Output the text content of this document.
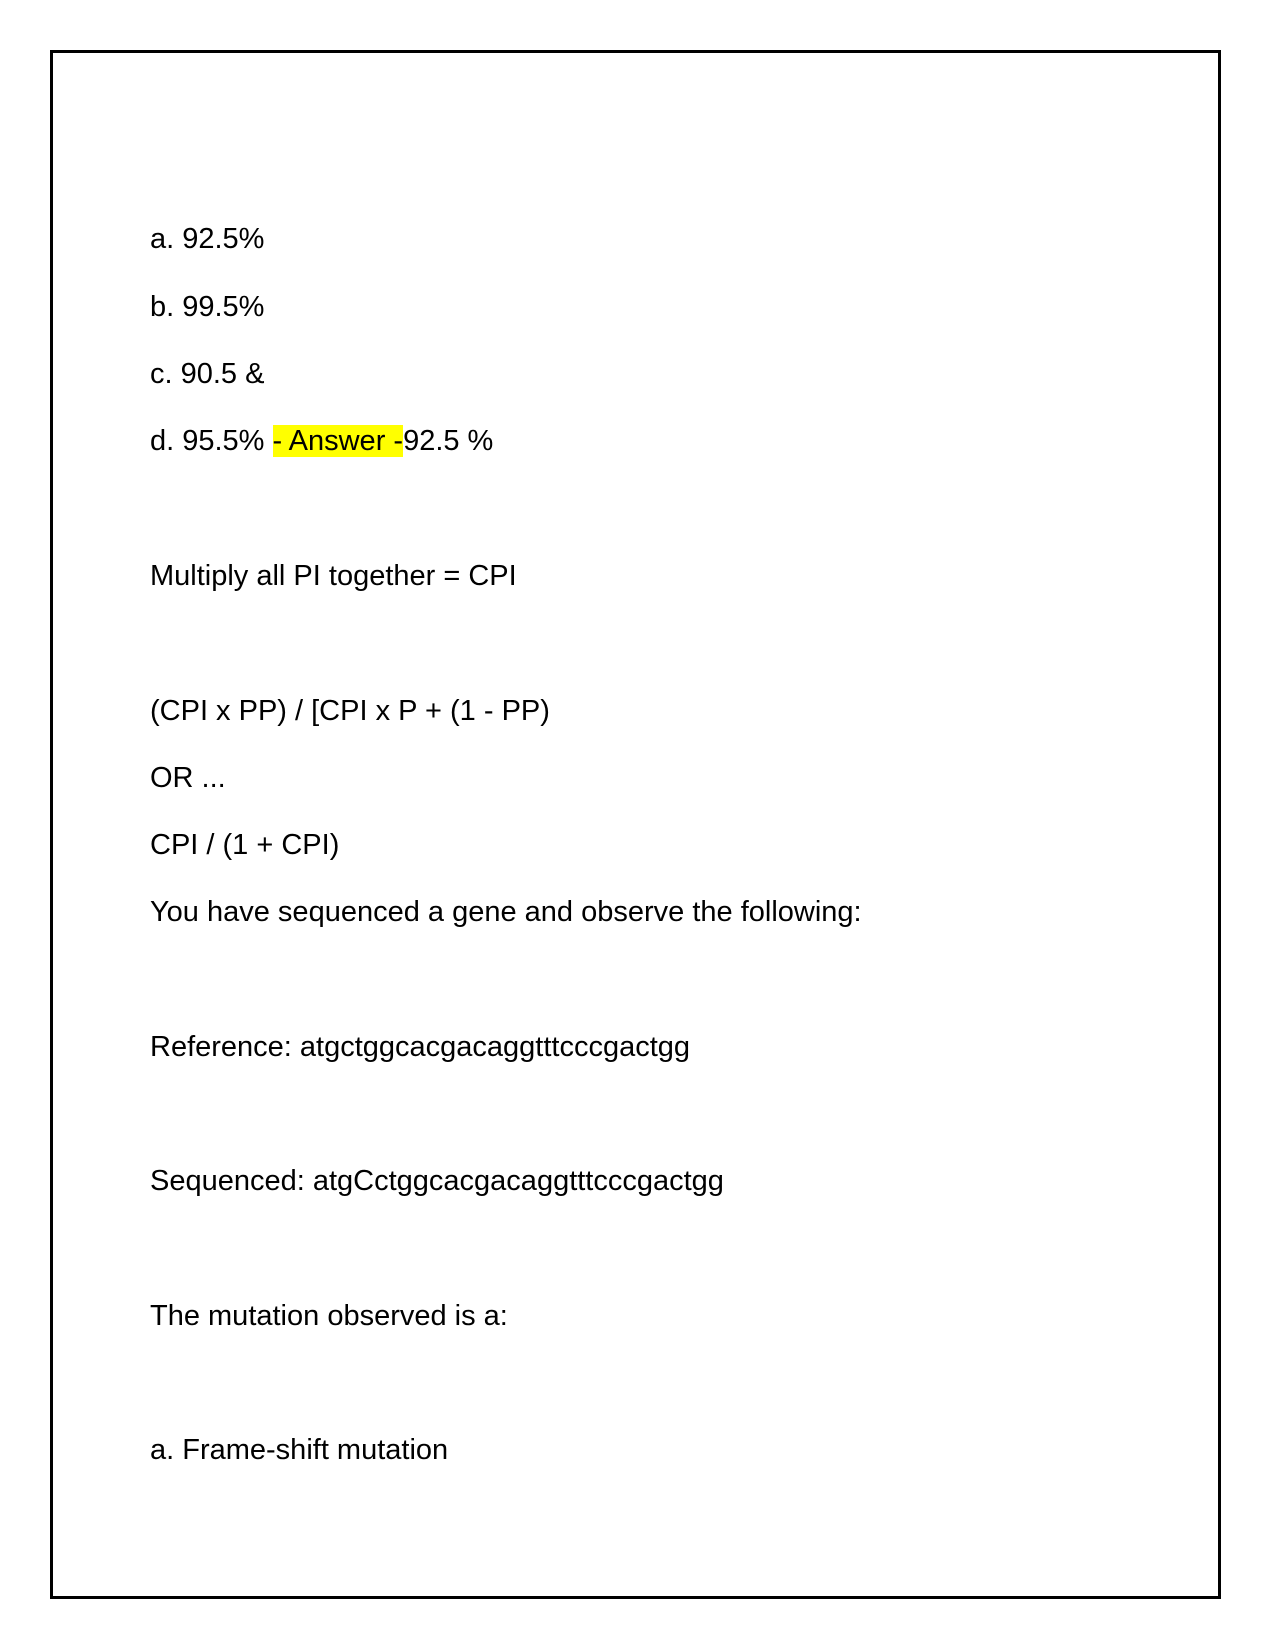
a. 92.5%
b. 99.5%
c. 90.5 &
d. 95.5% - Answer -92.5 %
Multiply all PI together = CPI
(CPI x PP) / [CPI x P + (1 - PP)
OR ...
CPI / (1 + CPI)
You have sequenced a gene and observe the following:
Reference: atgctggcacgacaggtttcccgactgg
Sequenced: atgCctggcacgacaggtttcccgactgg
The mutation observed is a:
a. Frame-shift mutation
